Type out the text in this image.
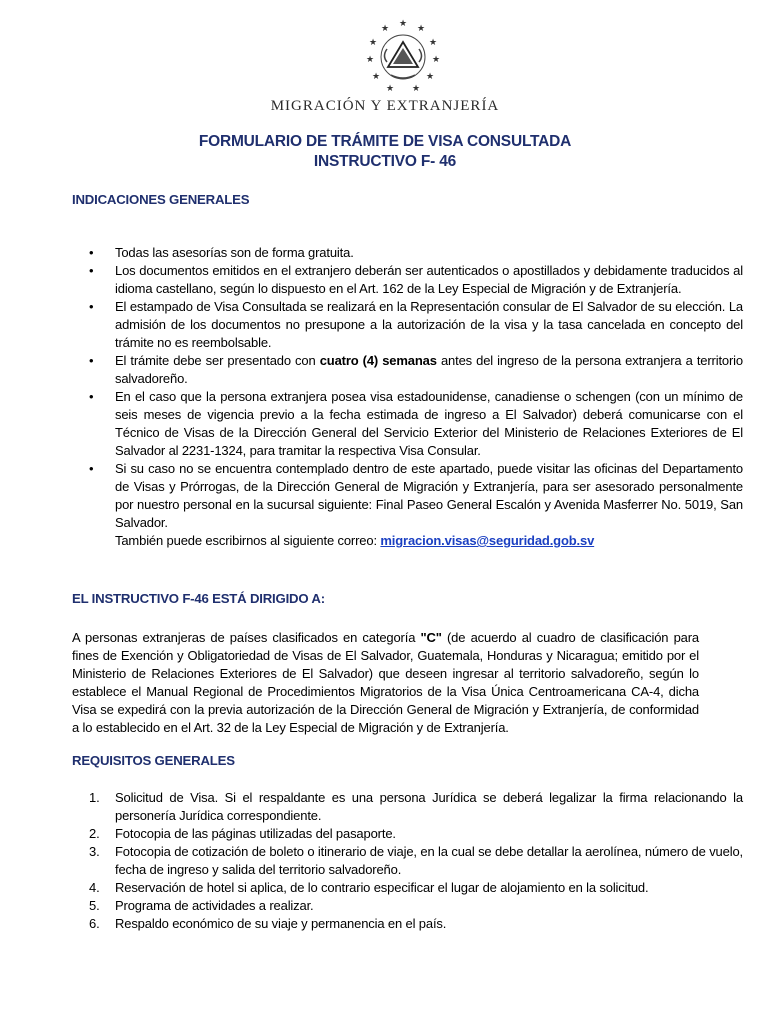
★ ★
★
★
★
★
★
★
★
★
★
MIGRACIÓN Y EXTRANJERÍA
FORMULARIO DE TRÁMITE DE VISA CONSULTADA
INSTRUCTIVO F- 46
INDICACIONES GENERALES
• Todas las asesorías son de forma gratuita.
• Los documentos emitidos en el extranjero deberán ser autenticados o apostillados y debidamente traducidos al idioma castellano, según lo dispuesto en el Art. 162 de la Ley Especial de Migración y de Extranjería.
• El estampado de Visa Consultada se realizará en la Representación consular de El Salvador de su elección. La admisión de los documentos no presupone a la autorización de la visa y la tasa cancelada en concepto del trámite no es reembolsable.
• El trámite debe ser presentado con cuatro (4) semanas antes del ingreso de la persona extranjera a territorio salvadoreño.
• En el caso que la persona extranjera posea visa estadounidense, canadiense o schengen (con un mínimo de seis meses de vigencia previo a la fecha estimada de ingreso a El Salvador) deberá comunicarse con el Técnico de Visas de la Dirección General del Servicio Exterior del Ministerio de Relaciones Exteriores de El Salvador al 2231-1324, para tramitar la respectiva Visa Consular.
• Si su caso no se encuentra contemplado dentro de este apartado, puede visitar las oficinas del Departamento de Visas y Prórrogas, de la Dirección General de Migración y Extranjería, para ser asesorado personalmente por nuestro personal en la sucursal siguiente: Final Paseo General Escalón y Avenida Masferrer No. 5019, San Salvador.
También puede escribirnos al siguiente correo: migracion.visas@seguridad.gob.sv
EL INSTRUCTIVO F-46 ESTÁ DIRIGIDO A:
A personas extranjeras de países clasificados en categoría "C" (de acuerdo al cuadro de clasificación para fines de Exención y Obligatoriedad de Visas de El Salvador, Guatemala, Honduras y Nicaragua; emitido por el Ministerio de Relaciones Exteriores de El Salvador) que deseen ingresar al territorio salvadoreño, según lo establece el Manual Regional de Procedimientos Migratorios de la Visa Única Centroamericana CA-4, dicha Visa se expedirá con la previa autorización de la Dirección General de Migración y Extranjería, de conformidad a lo establecido en el Art. 32 de la Ley Especial de Migración y de Extranjería.
REQUISITOS GENERALES
1. Solicitud de Visa. Si el respaldante es una persona Jurídica se deberá legalizar la firma relacionando la personería Jurídica correspondiente.
2. Fotocopia de las páginas utilizadas del pasaporte.
3. Fotocopia de cotización de boleto o itinerario de viaje, en la cual se debe detallar la aerolínea, número de vuelo, fecha de ingreso y salida del territorio salvadoreño.
4. Reservación de hotel si aplica, de lo contrario especificar el lugar de alojamiento en la solicitud.
5. Programa de actividades a realizar.
6. Respaldo económico de su viaje y permanencia en el país.
